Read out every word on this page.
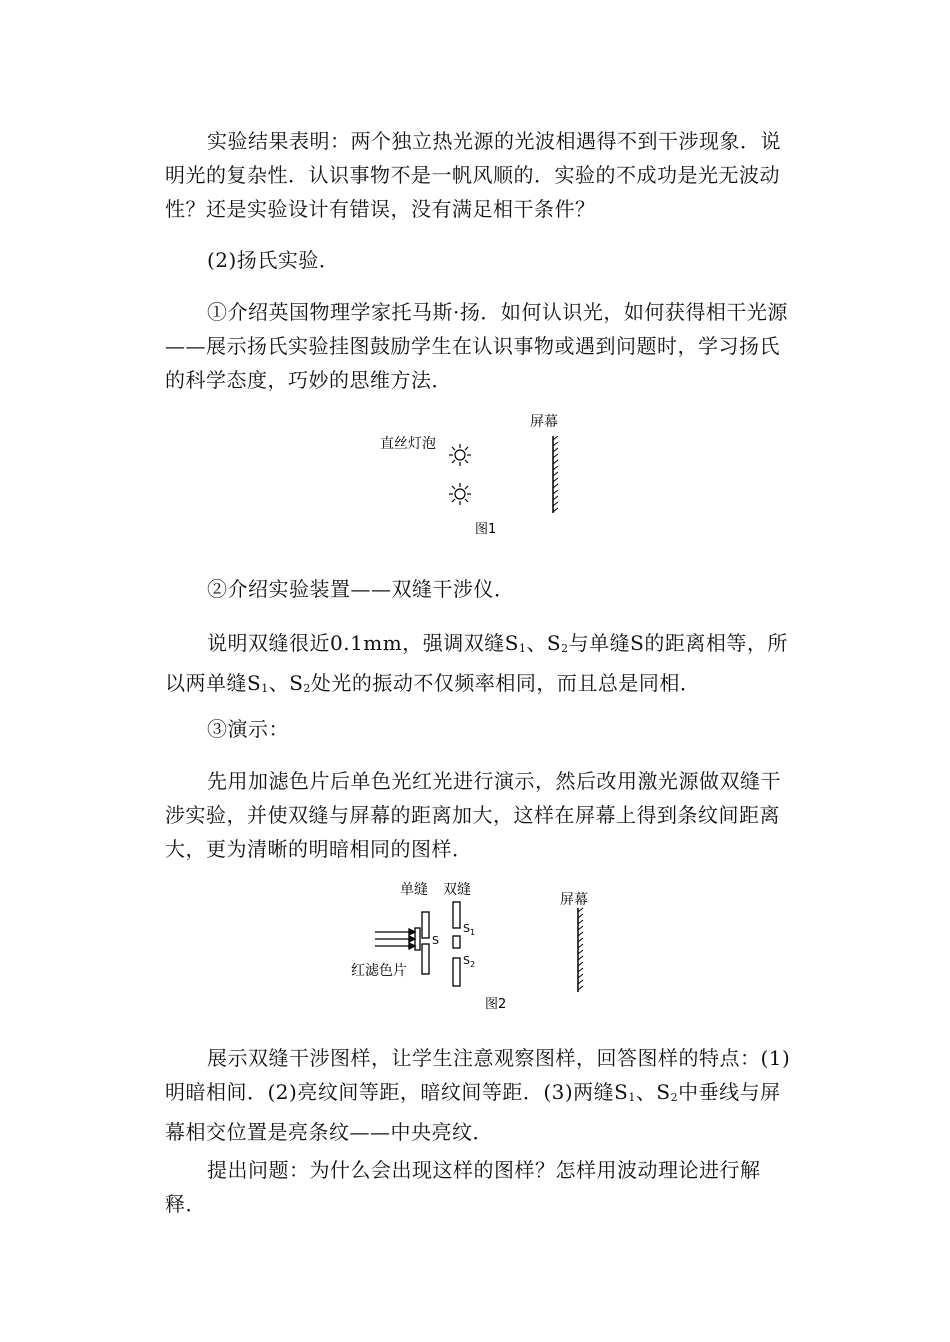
实验结果表明：两个独立热光源的光波相遇得不到干涉现象．说明光的复杂性．认识事物不是一帆风顺的．实验的不成功是光无波动性？还是实验设计有错误，没有满足相干条件？

(2)扬氏实验．

①介绍英国物理学家托马斯·扬．如何认识光，如何获得相干光源——展示扬氏实验挂图鼓励学生在认识事物或遇到问题时，学习扬氏的科学态度，巧妙的思维方法．

直丝灯泡
屏幕
图1

②介绍实验装置——双缝干涉仪．

说明双缝很近0.1mm，强调双缝$S_1$、$S_2$与单缝S的距离相等，所以两单缝$S_1$、$S_2$处光的振动不仅频率相同，而且总是同相．

③演示：

先用加滤色片后单色光红光进行演示，然后改用激光源做双缝干涉实验，并使双缝与屏幕的距离加大，这样在屏幕上得到条纹间距离大，更为清晰的明暗相同的图样．

单缝 双缝
屏幕
S
$S_1$
$S_2$
红滤色片
图2

展示双缝干涉图样，让学生注意观察图样，回答图样的特点：(1)明暗相间．(2)亮纹间等距，暗纹间等距．(3)两缝$S_1$、$S_2$中垂线与屏幕相交位置是亮条纹——中央亮纹．

提出问题：为什么会出现这样的图样？怎样用波动理论进行解释．
